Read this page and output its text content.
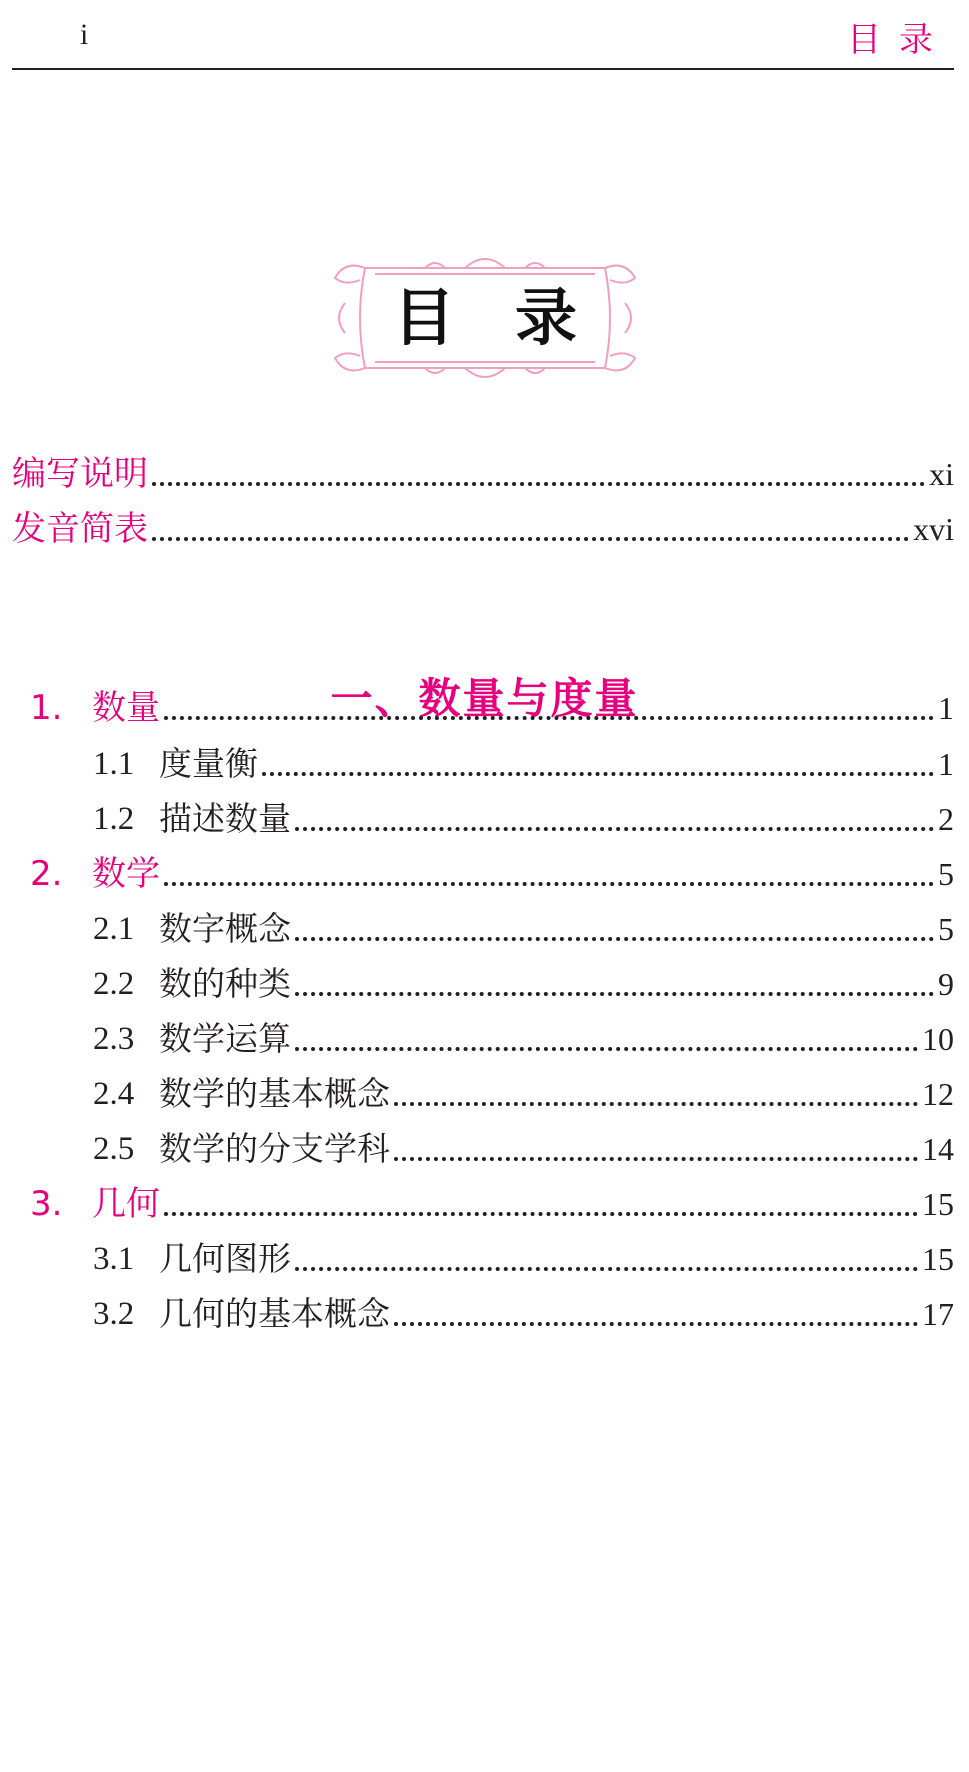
i	目录
目录
编写说明	xi
发音简表	xvi
一、数量与度量
1. 数量	1
1.1 度量衡	1
1.2 描述数量	2
2. 数学	5
2.1 数字概念	5
2.2 数的种类	9
2.3 数学运算	10
2.4 数学的基本概念	12
2.5 数学的分支学科	14
3. 几何	15
3.1 几何图形	15
3.2 几何的基本概念	17
